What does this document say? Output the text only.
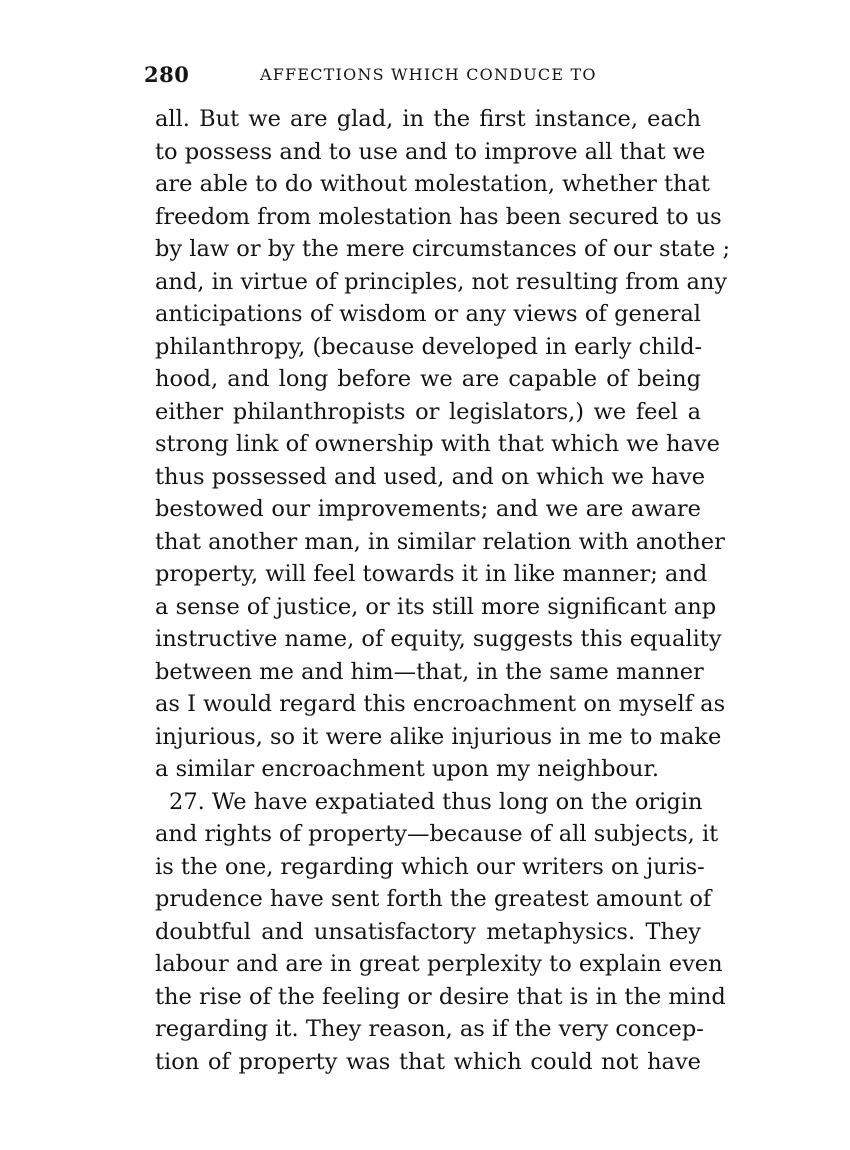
280	AFFECTIONS WHICH CONDUCE TO
all. But we are glad, in the first instance, each
to possess and to use and to improve all that we
are able to do without molestation, whether that
freedom from molestation has been secured to us
by law or by the mere circumstances of our state ;
and, in virtue of principles, not resulting from any
anticipations of wisdom or any views of general
philanthropy, (because developed in early child-
hood, and long before we are capable of being
either philanthropists or legislators,) we feel a
strong link of ownership with that which we have
thus possessed and used, and on which we have
bestowed our improvements; and we are aware
that another man, in similar relation with another
property, will feel towards it in like manner; and
a sense of justice, or its still more significant anp
instructive name, of equity, suggests this equality
between me and him—that, in the same manner
as I would regard this encroachment on myself as
injurious, so it were alike injurious in me to make
a similar encroachment upon my neighbour.
27. We have expatiated thus long on the origin
and rights of property—because of all subjects, it
is the one, regarding which our writers on juris-
prudence have sent forth the greatest amount of
doubtful and unsatisfactory metaphysics. They
labour and are in great perplexity to explain even
the rise of the feeling or desire that is in the mind
regarding it. They reason, as if the very concep-
tion of property was that which could not have
